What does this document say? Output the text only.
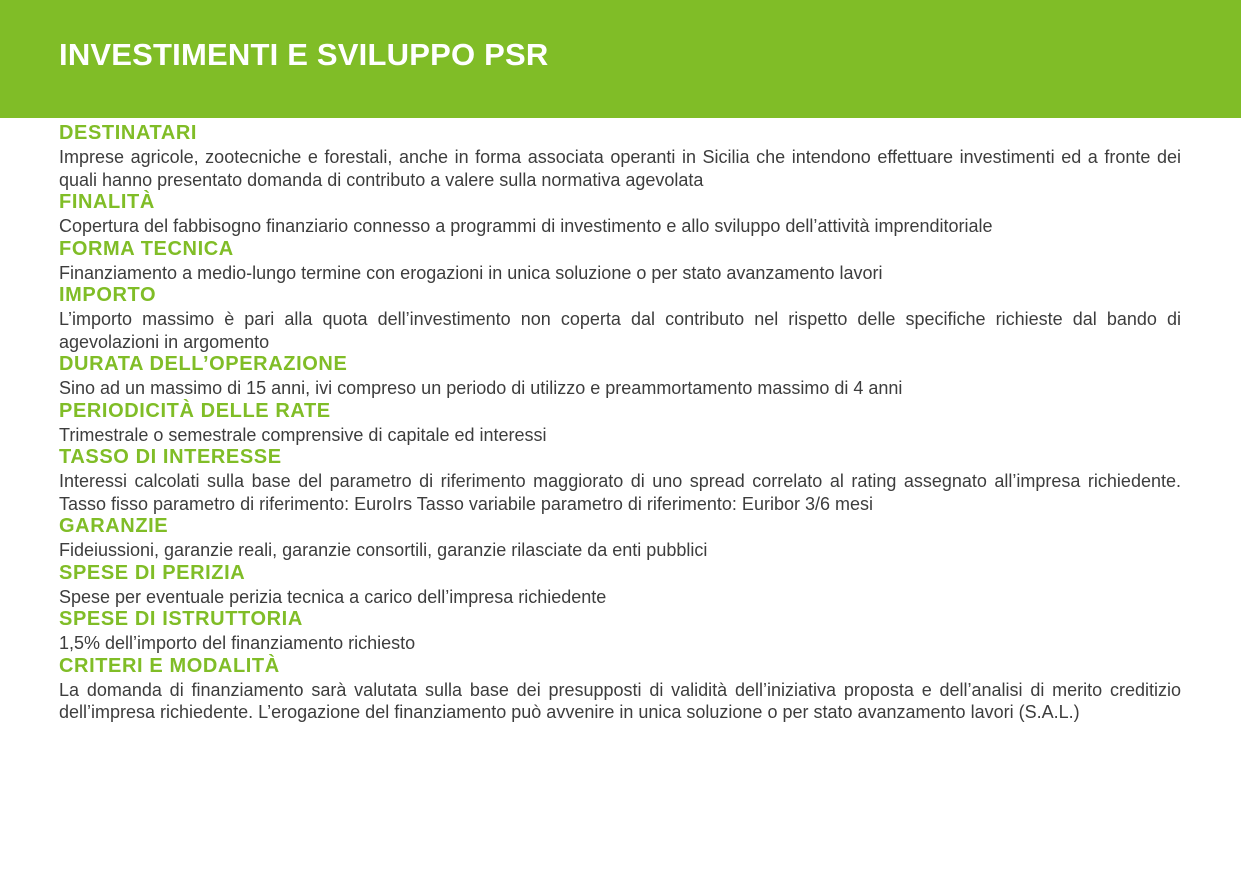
INVESTIMENTI E SVILUPPO PSR
DESTINATARI

Imprese agricole, zootecniche e forestali, anche in forma associata operanti in Sicilia che intendono effettuare investimenti ed a fronte dei quali hanno presentato domanda di contributo a valere sulla normativa agevolata

FINALITÀ

Copertura del fabbisogno finanziario connesso a programmi di investimento e allo sviluppo dell’attività imprenditoriale

FORMA TECNICA

Finanziamento a medio-lungo termine con erogazioni in unica soluzione o per stato avanzamento lavori

IMPORTO

L’importo massimo è pari alla quota dell’investimento non coperta dal contributo nel rispetto delle specifiche richieste dal bando di agevolazioni in argomento

DURATA DELL’OPERAZIONE

Sino ad un massimo di 15 anni, ivi compreso un periodo di utilizzo e preammortamento massimo di 4 anni

PERIODICITÀ DELLE RATE

Trimestrale o semestrale comprensive di capitale ed interessi

TASSO DI INTERESSE

Interessi calcolati sulla base del parametro di riferimento maggiorato di uno spread correlato al rating assegnato all’impresa richiedente. Tasso fisso parametro di riferimento: EuroIrs Tasso variabile parametro di riferimento: Euribor 3/6 mesi

GARANZIE

Fideiussioni, garanzie reali, garanzie consortili, garanzie rilasciate da enti pubblici

SPESE DI PERIZIA

Spese per eventuale perizia tecnica a carico dell’impresa richiedente

SPESE DI ISTRUTTORIA

1,5% dell’importo del finanziamento richiesto

CRITERI E MODALITÀ

La domanda di finanziamento sarà valutata sulla base dei presupposti di validità dell’iniziativa proposta e dell’analisi di merito creditizio dell’impresa richiedente. L’erogazione del finanziamento può avvenire in unica soluzione o per stato avanzamento lavori (S.A.L.)
